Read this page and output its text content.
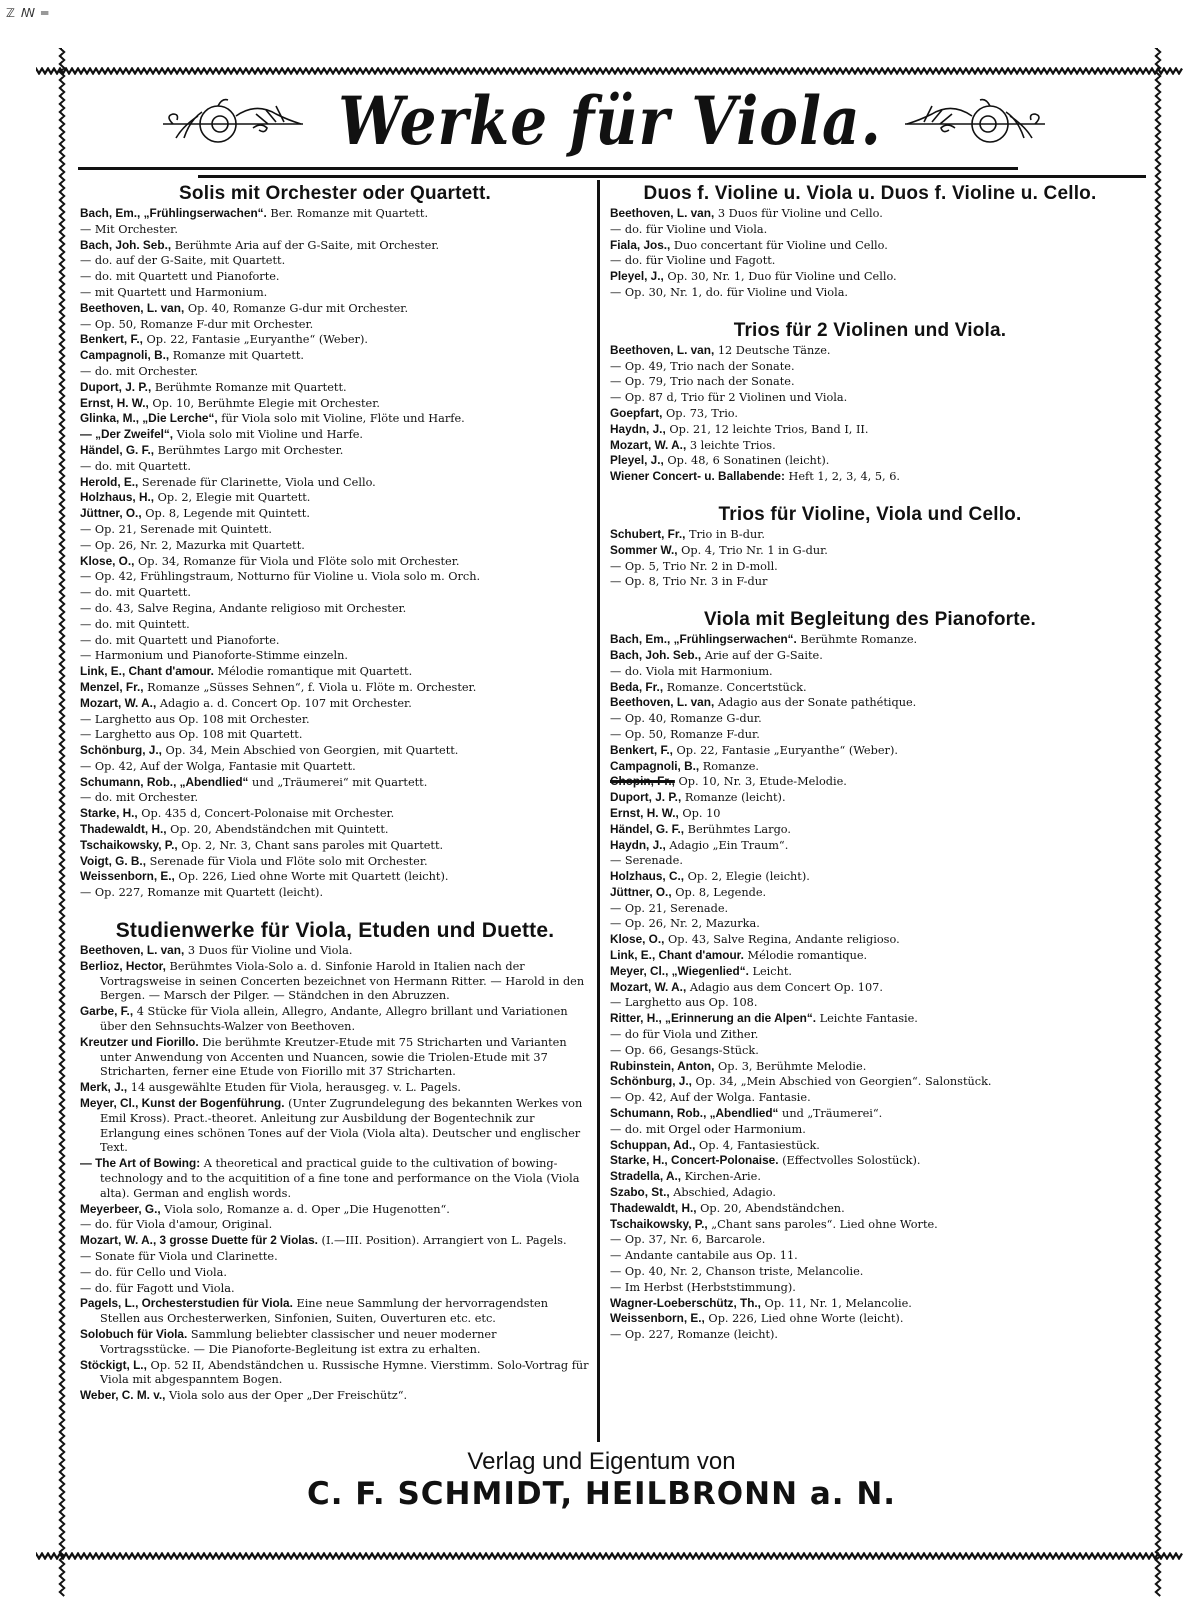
ℤ ꟿ ═
Werke für Viola.
Solis mit Orchester oder Quartett.

Bach, Em., „Frühlingserwachen“. Ber. Romanze mit Quartett.

— Mit Orchester.

Bach, Joh. Seb., Berühmte Aria auf der G-Saite, mit Orchester.

— do. auf der G-Saite, mit Quartett.

— do. mit Quartett und Pianoforte.

— mit Quartett und Harmonium.

Beethoven, L. van, Op. 40, Romanze G-dur mit Orchester.

— Op. 50, Romanze F-dur mit Orchester.

Benkert, F., Op. 22, Fantasie „Euryanthe“ (Weber).

Campagnoli, B., Romanze mit Quartett.

— do. mit Orchester.

Duport, J. P., Berühmte Romanze mit Quartett.

Ernst, H. W., Op. 10, Berühmte Elegie mit Orchester.

Glinka, M., „Die Lerche“, für Viola solo mit Violine, Flöte und Harfe.

— „Der Zweifel“, Viola solo mit Violine und Harfe.

Händel, G. F., Berühmtes Largo mit Orchester.

— do. mit Quartett.

Herold, E., Serenade für Clarinette, Viola und Cello.

Holzhaus, H., Op. 2, Elegie mit Quartett.

Jüttner, O., Op. 8, Legende mit Quintett.

— Op. 21, Serenade mit Quintett.

— Op. 26, Nr. 2, Mazurka mit Quartett.

Klose, O., Op. 34, Romanze für Viola und Flöte solo mit Orchester.

— Op. 42, Frühlingstraum, Notturno für Violine u. Viola solo m. Orch.

— do. mit Quartett.

— do. 43, Salve Regina, Andante religioso mit Orchester.

— do. mit Quintett.

— do. mit Quartett und Pianoforte.

— Harmonium und Pianoforte-Stimme einzeln.

Link, E., Chant d'amour. Mélodie romantique mit Quartett.

Menzel, Fr., Romanze „Süsses Sehnen“, f. Viola u. Flöte m. Orchester.

Mozart, W. A., Adagio a. d. Concert Op. 107 mit Orchester.

— Larghetto aus Op. 108 mit Orchester.

— Larghetto aus Op. 108 mit Quartett.

Schönburg, J., Op. 34, Mein Abschied von Georgien, mit Quartett.

— Op. 42, Auf der Wolga, Fantasie mit Quartett.

Schumann, Rob., „Abendlied“ und „Träumerei“ mit Quartett.

— do. mit Orchester.

Starke, H., Op. 435 d, Concert-Polonaise mit Orchester.

Thadewaldt, H., Op. 20, Abendständchen mit Quintett.

Tschaikowsky, P., Op. 2, Nr. 3, Chant sans paroles mit Quartett.

Voigt, G. B., Serenade für Viola und Flöte solo mit Orchester.

Weissenborn, E., Op. 226, Lied ohne Worte mit Quartett (leicht).

— Op. 227, Romanze mit Quartett (leicht).

Studienwerke für Viola, Etuden und Duette.

Beethoven, L. van, 3 Duos für Violine und Viola.

Berlioz, Hector, Berühmtes Viola-Solo a. d. Sinfonie Harold in Italien nach der Vortragsweise in seinen Concerten bezeichnet von Hermann Ritter. — Harold in den Bergen. — Marsch der Pilger. — Ständchen in den Abruzzen.

Garbe, F., 4 Stücke für Viola allein, Allegro, Andante, Allegro brillant und Variationen über den Sehnsuchts-Walzer von Beethoven.

Kreutzer und Fiorillo. Die berühmte Kreutzer-Etude mit 75 Stricharten und Varianten unter Anwendung von Accenten und Nuancen, sowie die Triolen-Etude mit 37 Stricharten, ferner eine Etude von Fiorillo mit 37 Stricharten.

Merk, J., 14 ausgewählte Etuden für Viola, herausgeg. v. L. Pagels.

Meyer, Cl., Kunst der Bogenführung. (Unter Zugrundelegung des bekannten Werkes von Emil Kross). Pract.-theoret. Anleitung zur Ausbildung der Bogentechnik zur Erlangung eines schönen Tones auf der Viola (Viola alta). Deutscher und englischer Text.

— The Art of Bowing: A theoretical and practical guide to the cultivation of bowing-technology and to the acquitition of a fine tone and performance on the Viola (Viola alta). German and english words.

Meyerbeer, G., Viola solo, Romanze a. d. Oper „Die Hugenotten“.

— do. für Viola d'amour, Original.

Mozart, W. A., 3 grosse Duette für 2 Violas. (I.—III. Position). Arrangiert von L. Pagels.

— Sonate für Viola und Clarinette.

— do. für Cello und Viola.

— do. für Fagott und Viola.

Pagels, L., Orchesterstudien für Viola. Eine neue Sammlung der hervorragendsten Stellen aus Orchesterwerken, Sinfonien, Suiten, Ouverturen etc. etc.

Solobuch für Viola. Sammlung beliebter classischer und neuer moderner Vortragsstücke. — Die Pianoforte-Begleitung ist extra zu erhalten.

Stöckigt, L., Op. 52 II, Abendständchen u. Russische Hymne. Vierstimm. Solo-Vortrag für Viola mit abgespanntem Bogen.

Weber, C. M. v., Viola solo aus der Oper „Der Freischütz“.

Duos f. Violine u. Viola u. Duos f. Violine u. Cello.

Beethoven, L. van, 3 Duos für Violine und Cello.

— do. für Violine und Viola.

Fiala, Jos., Duo concertant für Violine und Cello.

— do. für Violine und Fagott.

Pleyel, J., Op. 30, Nr. 1, Duo für Violine und Cello.

— Op. 30, Nr. 1, do. für Violine und Viola.

Trios für 2 Violinen und Viola.

Beethoven, L. van, 12 Deutsche Tänze.

— Op. 49, Trio nach der Sonate.

— Op. 79, Trio nach der Sonate.

— Op. 87 d, Trio für 2 Violinen und Viola.

Goepfart, Op. 73, Trio.

Haydn, J., Op. 21, 12 leichte Trios, Band I, II.

Mozart, W. A., 3 leichte Trios.

Pleyel, J., Op. 48, 6 Sonatinen (leicht).

Wiener Concert- u. Ballabende: Heft 1, 2, 3, 4, 5, 6.

Trios für Violine, Viola und Cello.

Schubert, Fr., Trio in B-dur.

Sommer W., Op. 4, Trio Nr. 1 in G-dur.

— Op. 5, Trio Nr. 2 in D-moll.

— Op. 8, Trio Nr. 3 in F-dur

Viola mit Begleitung des Pianoforte.

Bach, Em., „Frühlingserwachen“. Berühmte Romanze.

Bach, Joh. Seb., Arie auf der G-Saite.

— do. Viola mit Harmonium.

Beda, Fr., Romanze. Concertstück.

Beethoven, L. van, Adagio aus der Sonate pathétique.

— Op. 40, Romanze G-dur.

— Op. 50, Romanze F-dur.

Benkert, F., Op. 22, Fantasie „Euryanthe“ (Weber).

Campagnoli, B., Romanze.

Chopin, Fr., Op. 10, Nr. 3, Etude-Melodie.

Duport, J. P., Romanze (leicht).

Ernst, H. W., Op. 10

Händel, G. F., Berühmtes Largo.

Haydn, J., Adagio „Ein Traum“.

— Serenade.

Holzhaus, C., Op. 2, Elegie (leicht).

Jüttner, O., Op. 8, Legende.

— Op. 21, Serenade.

— Op. 26, Nr. 2, Mazurka.

Klose, O., Op. 43, Salve Regina, Andante religioso.

Link, E., Chant d'amour. Mélodie romantique.

Meyer, Cl., „Wiegenlied“. Leicht.

Mozart, W. A., Adagio aus dem Concert Op. 107.

— Larghetto aus Op. 108.

Ritter, H., „Erinnerung an die Alpen“. Leichte Fantasie.

— do für Viola und Zither.

— Op. 66, Gesangs-Stück.

Rubinstein, Anton, Op. 3, Berühmte Melodie.

Schönburg, J., Op. 34, „Mein Abschied von Georgien“. Salonstück.

— Op. 42, Auf der Wolga. Fantasie.

Schumann, Rob., „Abendlied“ und „Träumerei“.

— do. mit Orgel oder Harmonium.

Schuppan, Ad., Op. 4, Fantasiestück.

Starke, H., Concert-Polonaise. (Effectvolles Solostück).

Stradella, A., Kirchen-Arie.

Szabo, St., Abschied, Adagio.

Thadewaldt, H., Op. 20, Abendständchen.

Tschaikowsky, P., „Chant sans paroles“. Lied ohne Worte.

— Op. 37, Nr. 6, Barcarole.

— Andante cantabile aus Op. 11.

— Op. 40, Nr. 2, Chanson triste, Melancolie.

— Im Herbst (Herbststimmung).

Wagner-Loeberschütz, Th., Op. 11, Nr. 1, Melancolie.

Weissenborn, E., Op. 226, Lied ohne Worte (leicht).

— Op. 227, Romanze (leicht).

Verlag und Eigentum von
C. F. SCHMIDT, HEILBRONN a. N.
